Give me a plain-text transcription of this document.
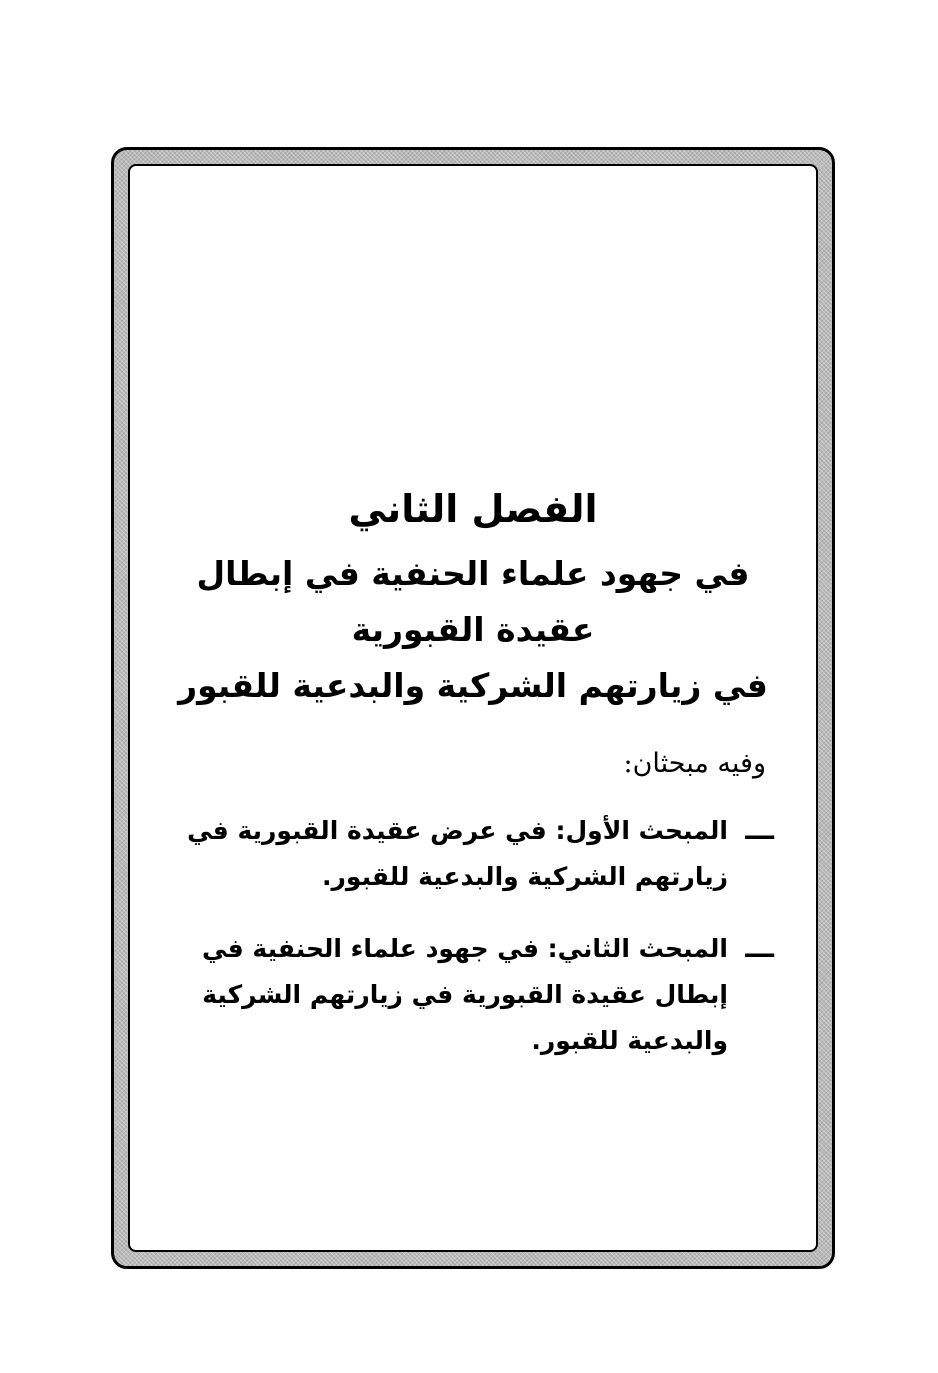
الفصل الثاني
في جهود علماء الحنفية في إبطال عقيدة القبورية
في زيارتهم الشركية والبدعية للقبور

وفيه مبحثان:

ـــ
المبحث الأول: في عرض عقيدة القبورية في زيارتهم الشركية والبدعية للقبور.
ـــ
المبحث الثاني: في جهود علماء الحنفية في إبطال عقيدة القبورية في زيارتهم الشركية والبدعية للقبور.
